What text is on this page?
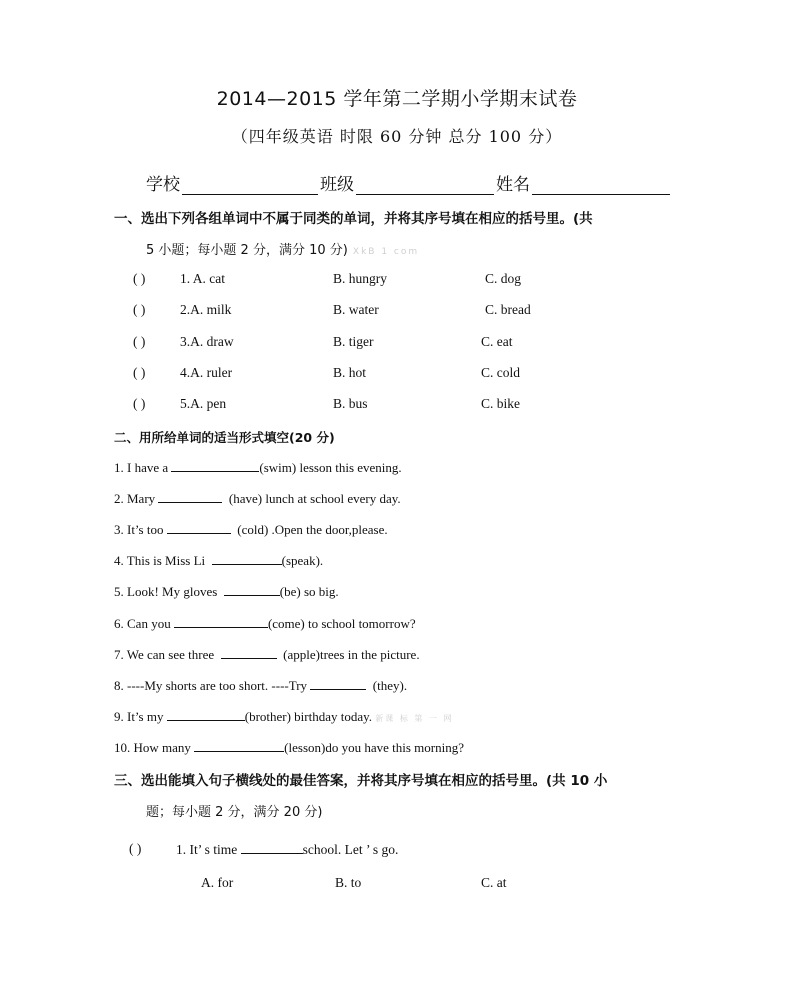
2014—2015 学年第二学期小学期末试卷
（四年级英语 时限 60 分钟 总分 100 分）
学校	班级	姓名
一、选出下列各组单词中不属于同类的单词，并将其序号填在相应的括号里。(共
5 小题；每小题 2 分，满分 10 分) XkB 1 com
( )	1. A. cat	B. hungry	C. dog
( )	2.A. milk	B. water	C. bread
( )	3.A. draw	B. tiger	C. eat
( )	4.A. ruler	B. hot	C. cold
( )	5.A. pen	B. bus	C. bike
二、用所给单词的适当形式填空(20 分)
1. I have a	(swim) lesson this evening.
2. Mary	(have) lunch at school every day.
3. It’s too	(cold) .Open the door,please.
4. This is Miss Li	(speak).
5. Look! My gloves	(be) so big.
6. Can you	(come) to school tomorrow?
7. We can see three	(apple)trees in the picture.
8. ----My shorts are too short. ----Try	(they).
9. It’s my	(brother) birthday today. 新课 标 第 一 网
10. How many	(lesson)do you have this morning?
三、选出能填入句子横线处的最佳答案，并将其序号填在相应的括号里。(共 10 小
题；每小题 2 分，满分 20 分)
( )	1. It’ s time	school. Let ’ s go.
A. for	B. to	C. at
